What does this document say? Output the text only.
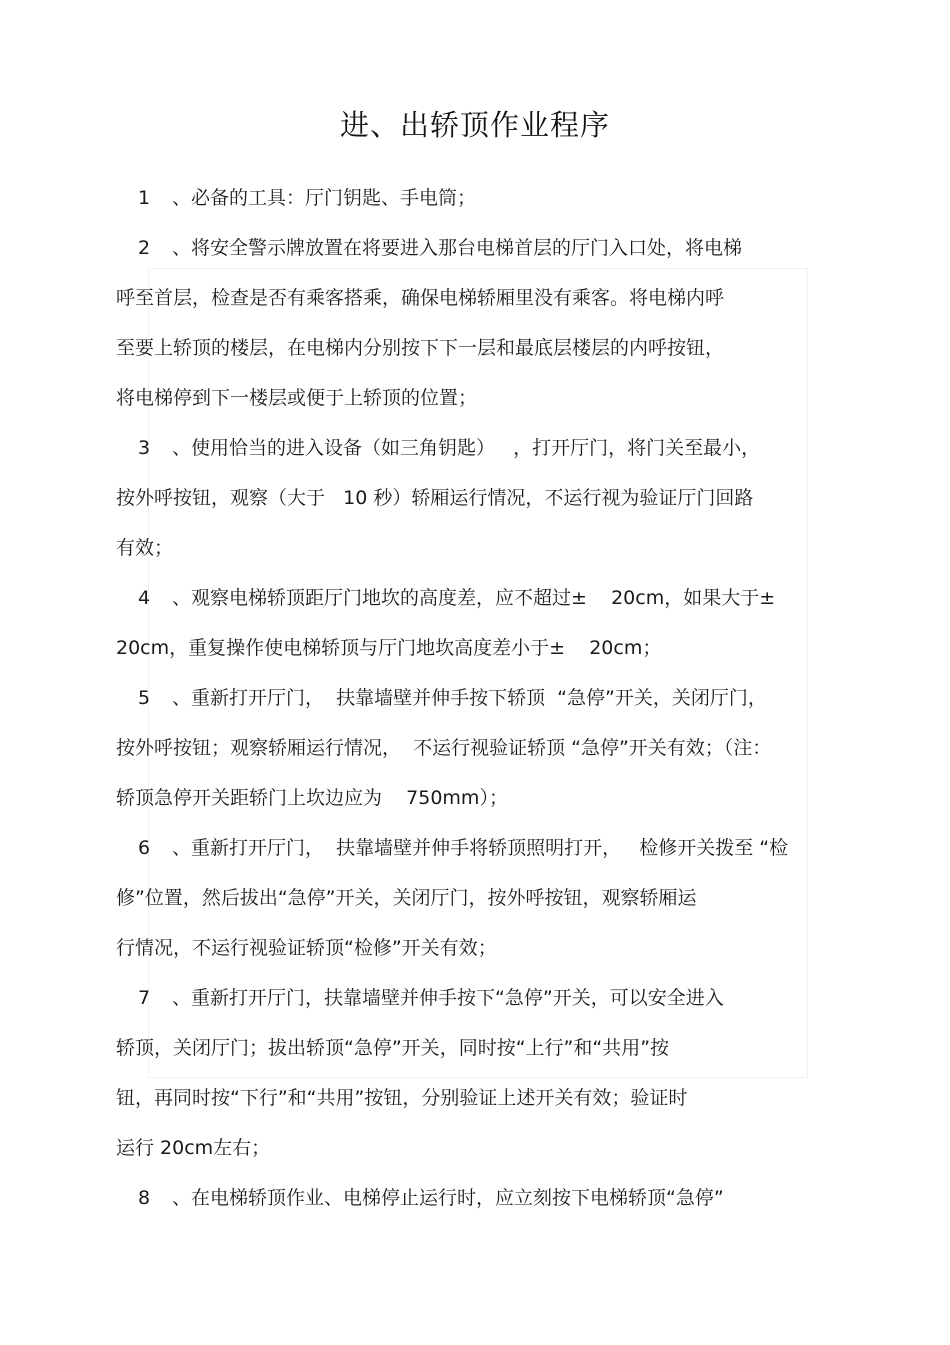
进、出轿顶作业程序
1 、必备的工具：厅门钥匙、手电筒；
2 、将安全警示牌放置在将要进入那台电梯首层的厅门入口处，将电梯
呼至首层，检查是否有乘客搭乘，确保电梯轿厢里没有乘客。将电梯内呼
至要上轿顶的楼层，在电梯内分别按下下一层和最底层楼层的内呼按钮，
将电梯停到下一楼层或便于上轿顶的位置；
3 、使用恰当的进入设备（如三角钥匙）   ，打开厅门，将门关至最小，
按外呼按钮，观察（大于   10 秒）轿厢运行情况，不运行视为验证厅门回路
有效；
4 、观察电梯轿顶距厅门地坎的高度差，应不超过±    20cm，如果大于±
20cm，重复操作使电梯轿顶与厅门地坎高度差小于±    20cm；
5 、重新打开厅门，  扶靠墙壁并伸手按下轿顶  “急停”开关，关闭厅门，
按外呼按钮；观察轿厢运行情况，  不运行视验证轿顶 “急停”开关有效；（注：
轿顶急停开关距轿门上坎边应为    750mm）；
6 、重新打开厅门，  扶靠墙壁并伸手将轿顶照明打开，   检修开关拨至 “检
修”位置，然后拔出“急停”开关，关闭厅门，按外呼按钮，观察轿厢运
行情况，不运行视验证轿顶“检修”开关有效；
7 、重新打开厅门，扶靠墙壁并伸手按下“急停”开关，可以安全进入
轿顶，关闭厅门；拔出轿顶“急停”开关，同时按“上行”和“共用”按
钮，再同时按“下行”和“共用”按钮，分别验证上述开关有效；验证时
运行 20cm左右；
8 、在电梯轿顶作业、电梯停止运行时，应立刻按下电梯轿顶“急停”
